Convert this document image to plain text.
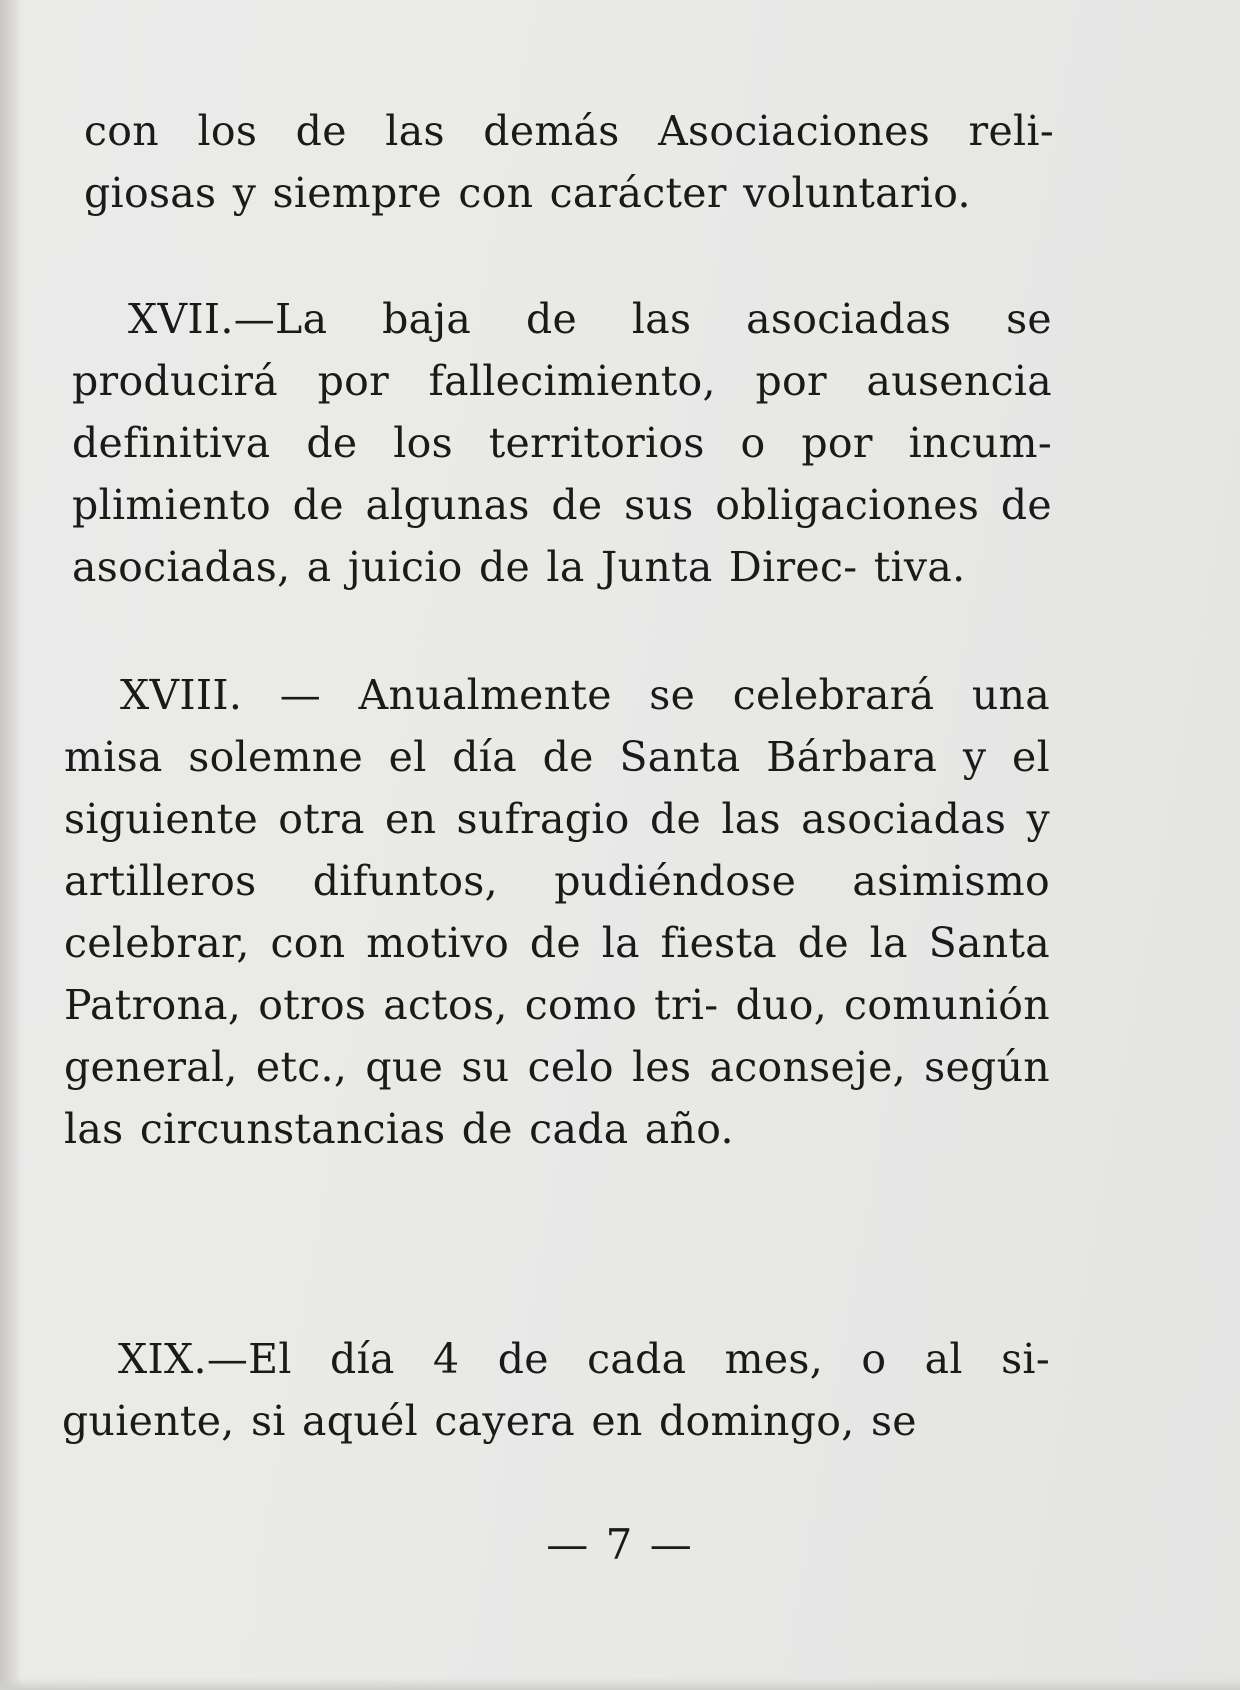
con los de las demás Asociaciones reli- giosas y siempre con carácter voluntario.

XVII.—La baja de las asociadas se producirá por fallecimiento, por ausencia definitiva de los territorios o por incum- plimiento de algunas de sus obligaciones de asociadas, a juicio de la Junta Direc- tiva.

XVIII. — Anualmente se celebrará una misa solemne el día de Santa Bárbara y el siguiente otra en sufragio de las asociadas y artilleros difuntos, pudiéndose asimismo celebrar, con motivo de la fiesta de la Santa Patrona, otros actos, como tri- duo, comunión general, etc., que su celo les aconseje, según las circunstancias de cada año.

XIX.—El día 4 de cada mes, o al si- guiente, si aquél cayera en domingo, se

— 7 —
